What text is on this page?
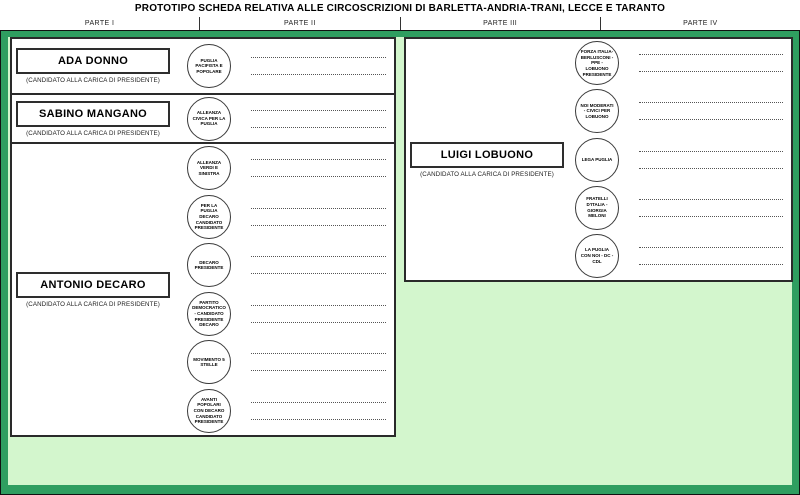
PROTOTIPO SCHEDA RELATIVA ALLE CIRCOSCRIZIONI DI BARLETTA-ANDRIA-TRANI, LECCE E TARANTO
PARTE I	PARTE II	PARTE III	PARTE IV
ADA DONNO
(CANDIDATO ALLA CARICA DI PRESIDENTE)
PUGLIA PACIFISTA E POPOLARE
SABINO MANGANO
(CANDIDATO ALLA CARICA DI PRESIDENTE)
ALLEANZA CIVICA PER LA PUGLIA
ANTONIO DECARO
(CANDIDATO ALLA CARICA DI PRESIDENTE)
ALLEANZA VERDI E SINISTRA
PER LA PUGLIA DECARO CANDIDATO PRESIDENTE
DECARO PRESIDENTE
PARTITO DEMOCRATICO - CANDIDATO PRESIDENTE DECARO
MOVIMENTO 5 STELLE
AVANTI POPOLARI CON DECARO CANDIDATO PRESIDENTE
LUIGI LOBUONO
(CANDIDATO ALLA CARICA DI PRESIDENTE)
FORZA ITALIA-BERLUSCONI - PPE - LOBUONO PRESIDENTE
NOI MODERATI - CIVICI PER LOBUONO
LEGA PUGLIA
FRATELLI D'ITALIA - GIORGIA MELONI
LA PUGLIA CON NOI - DC - CDL
